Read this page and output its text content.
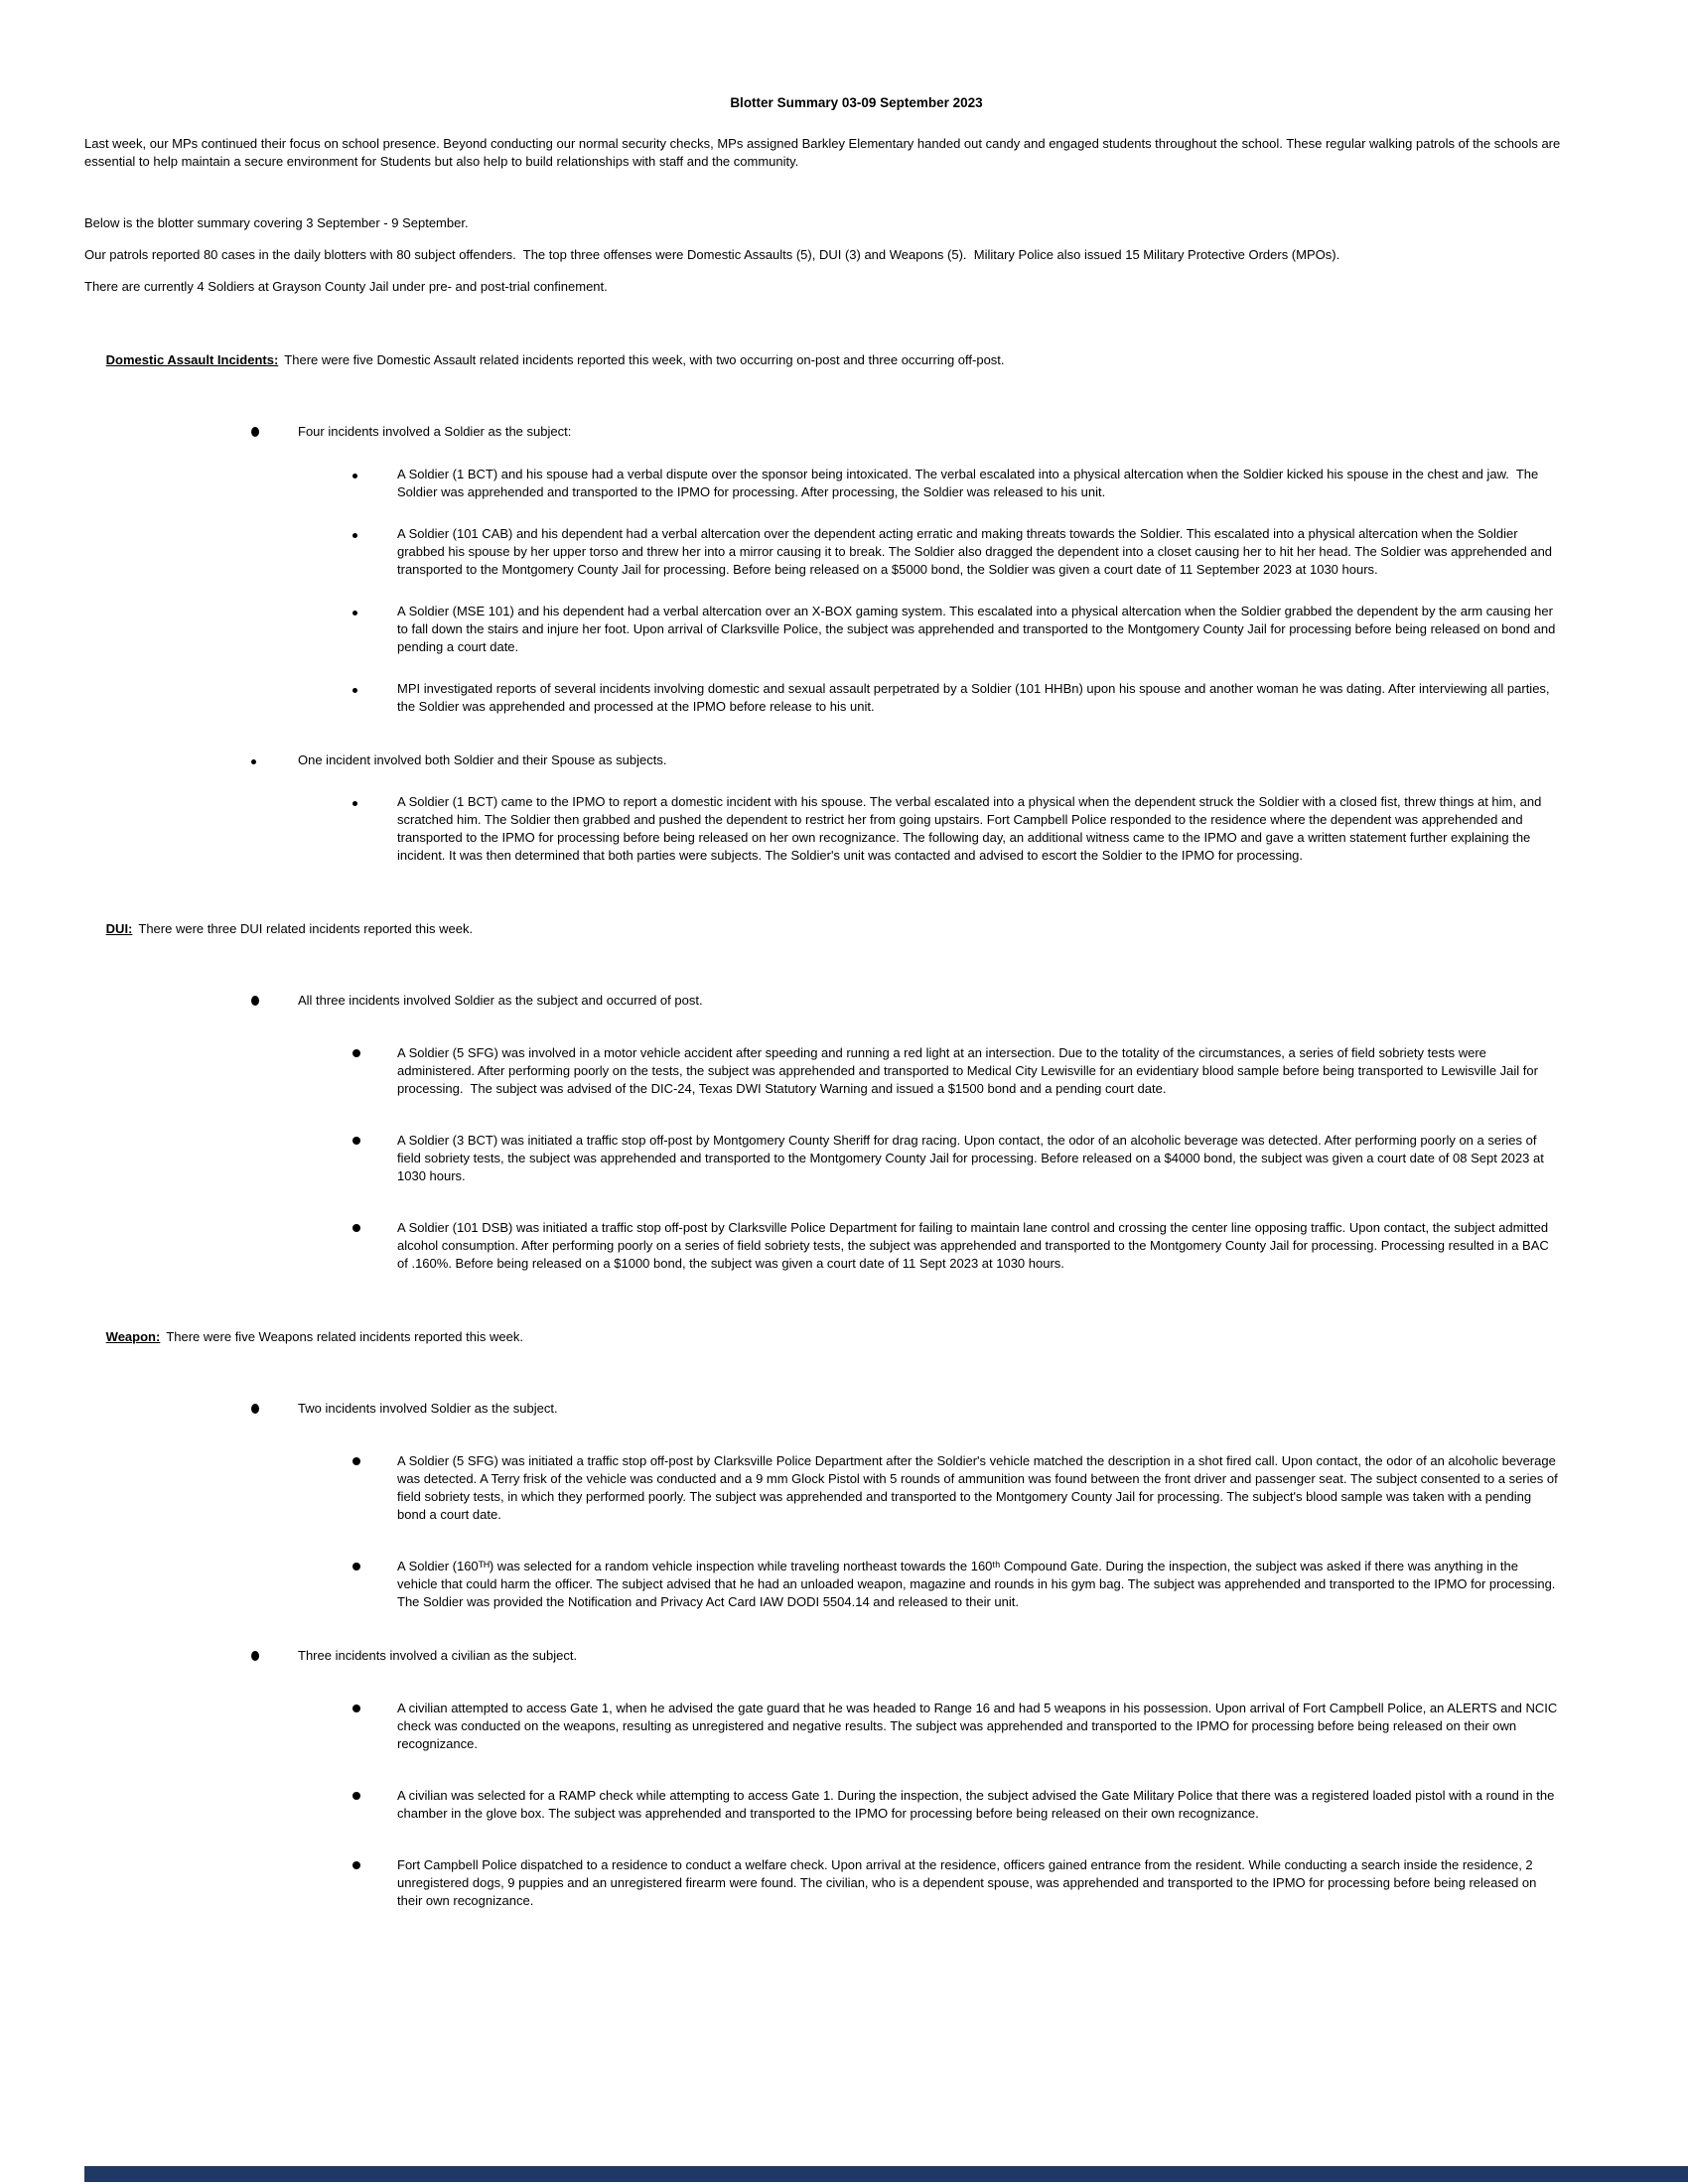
Blotter Summary 03-09 September 2023

Last week, our MPs continued their focus on school presence. Beyond conducting our normal security checks, MPs assigned Barkley Elementary handed out candy and engaged students throughout the school. These regular walking patrols of the schools are essential to help maintain a secure environment for Students but also help to build relationships with staff and the community.

Below is the blotter summary covering 3 September - 9 September.

Our patrols reported 80 cases in the daily blotters with 80 subject offenders.  The top three offenses were Domestic Assaults (5), DUI (3) and Weapons (5).  Military Police also issued 15 Military Protective Orders (MPOs).

There are currently 4 Soldiers at Grayson County Jail under pre- and post-trial confinement.

Domestic Assault Incidents: There were five Domestic Assault related incidents reported this week, with two occurring on-post and three occurring off-post.

Four incidents involved a Soldier as the subject:
A Soldier (1 BCT) and his spouse had a verbal dispute over the sponsor being intoxicated. The verbal escalated into a physical altercation when the Soldier kicked his spouse in the chest and jaw.  The Soldier was apprehended and transported to the IPMO for processing. After processing, the Soldier was released to his unit.
A Soldier (101 CAB) and his dependent had a verbal altercation over the dependent acting erratic and making threats towards the Soldier. This escalated into a physical altercation when the Soldier grabbed his spouse by her upper torso and threw her into a mirror causing it to break. The Soldier also dragged the dependent into a closet causing her to hit her head. The Soldier was apprehended and transported to the Montgomery County Jail for processing. Before being released on a $5000 bond, the Soldier was given a court date of 11 September 2023 at 1030 hours.
A Soldier (MSE 101) and his dependent had a verbal altercation over an X-BOX gaming system. This escalated into a physical altercation when the Soldier grabbed the dependent by the arm causing her to fall down the stairs and injure her foot. Upon arrival of Clarksville Police, the subject was apprehended and transported to the Montgomery County Jail for processing before being released on bond and pending a court date.
MPI investigated reports of several incidents involving domestic and sexual assault perpetrated by a Soldier (101 HHBn) upon his spouse and another woman he was dating. After interviewing all parties, the Soldier was apprehended and processed at the IPMO before release to his unit.
One incident involved both Soldier and their Spouse as subjects.
A Soldier (1 BCT) came to the IPMO to report a domestic incident with his spouse. The verbal escalated into a physical when the dependent struck the Soldier with a closed fist, threw things at him, and scratched him. The Soldier then grabbed and pushed the dependent to restrict her from going upstairs. Fort Campbell Police responded to the residence where the dependent was apprehended and transported to the IPMO for processing before being released on her own recognizance. The following day, an additional witness came to the IPMO and gave a written statement further explaining the incident. It was then determined that both parties were subjects. The Soldier's unit was contacted and advised to escort the Soldier to the IPMO for processing.

DUI: There were three DUI related incidents reported this week.

All three incidents involved Soldier as the subject and occurred of post.
A Soldier (5 SFG) was involved in a motor vehicle accident after speeding and running a red light at an intersection. Due to the totality of the circumstances, a series of field sobriety tests were administered. After performing poorly on the tests, the subject was apprehended and transported to Medical City Lewisville for an evidentiary blood sample before being transported to Lewisville Jail for processing.  The subject was advised of the DIC-24, Texas DWI Statutory Warning and issued a $1500 bond and a pending court date.
A Soldier (3 BCT) was initiated a traffic stop off-post by Montgomery County Sheriff for drag racing. Upon contact, the odor of an alcoholic beverage was detected. After performing poorly on a series of field sobriety tests, the subject was apprehended and transported to the Montgomery County Jail for processing. Before released on a $4000 bond, the subject was given a court date of 08 Sept 2023 at 1030 hours.
A Soldier (101 DSB) was initiated a traffic stop off-post by Clarksville Police Department for failing to maintain lane control and crossing the center line opposing traffic. Upon contact, the subject admitted alcohol consumption. After performing poorly on a series of field sobriety tests, the subject was apprehended and transported to the Montgomery County Jail for processing. Processing resulted in a BAC of .160%. Before being released on a $1000 bond, the subject was given a court date of 11 Sept 2023 at 1030 hours.

Weapon: There were five Weapons related incidents reported this week.

Two incidents involved Soldier as the subject.
A Soldier (5 SFG) was initiated a traffic stop off-post by Clarksville Police Department after the Soldier's vehicle matched the description in a shot fired call. Upon contact, the odor of an alcoholic beverage was detected. A Terry frisk of the vehicle was conducted and a 9 mm Glock Pistol with 5 rounds of ammunition was found between the front driver and passenger seat. The subject consented to a series of field sobriety tests, in which they performed poorly. The subject was apprehended and transported to the Montgomery County Jail for processing. The subject's blood sample was taken with a pending bond a court date.
A Soldier (160ᵀᴴ) was selected for a random vehicle inspection while traveling northeast towards the 160ᵗʰ Compound Gate. During the inspection, the subject was asked if there was anything in the vehicle that could harm the officer. The subject advised that he had an unloaded weapon, magazine and rounds in his gym bag. The subject was apprehended and transported to the IPMO for processing. The Soldier was provided the Notification and Privacy Act Card IAW DODI 5504.14 and released to their unit.
Three incidents involved a civilian as the subject.
A civilian attempted to access Gate 1, when he advised the gate guard that he was headed to Range 16 and had 5 weapons in his possession. Upon arrival of Fort Campbell Police, an ALERTS and NCIC check was conducted on the weapons, resulting as unregistered and negative results. The subject was apprehended and transported to the IPMO for processing before being released on their own recognizance.
A civilian was selected for a RAMP check while attempting to access Gate 1. During the inspection, the subject advised the Gate Military Police that there was a registered loaded pistol with a round in the chamber in the glove box. The subject was apprehended and transported to the IPMO for processing before being released on their own recognizance.
Fort Campbell Police dispatched to a residence to conduct a welfare check. Upon arrival at the residence, officers gained entrance from the resident. While conducting a search inside the residence, 2 unregistered dogs, 9 puppies and an unregistered firearm were found. The civilian, who is a dependent spouse, was apprehended and transported to the IPMO for processing before being released on their own recognizance.
